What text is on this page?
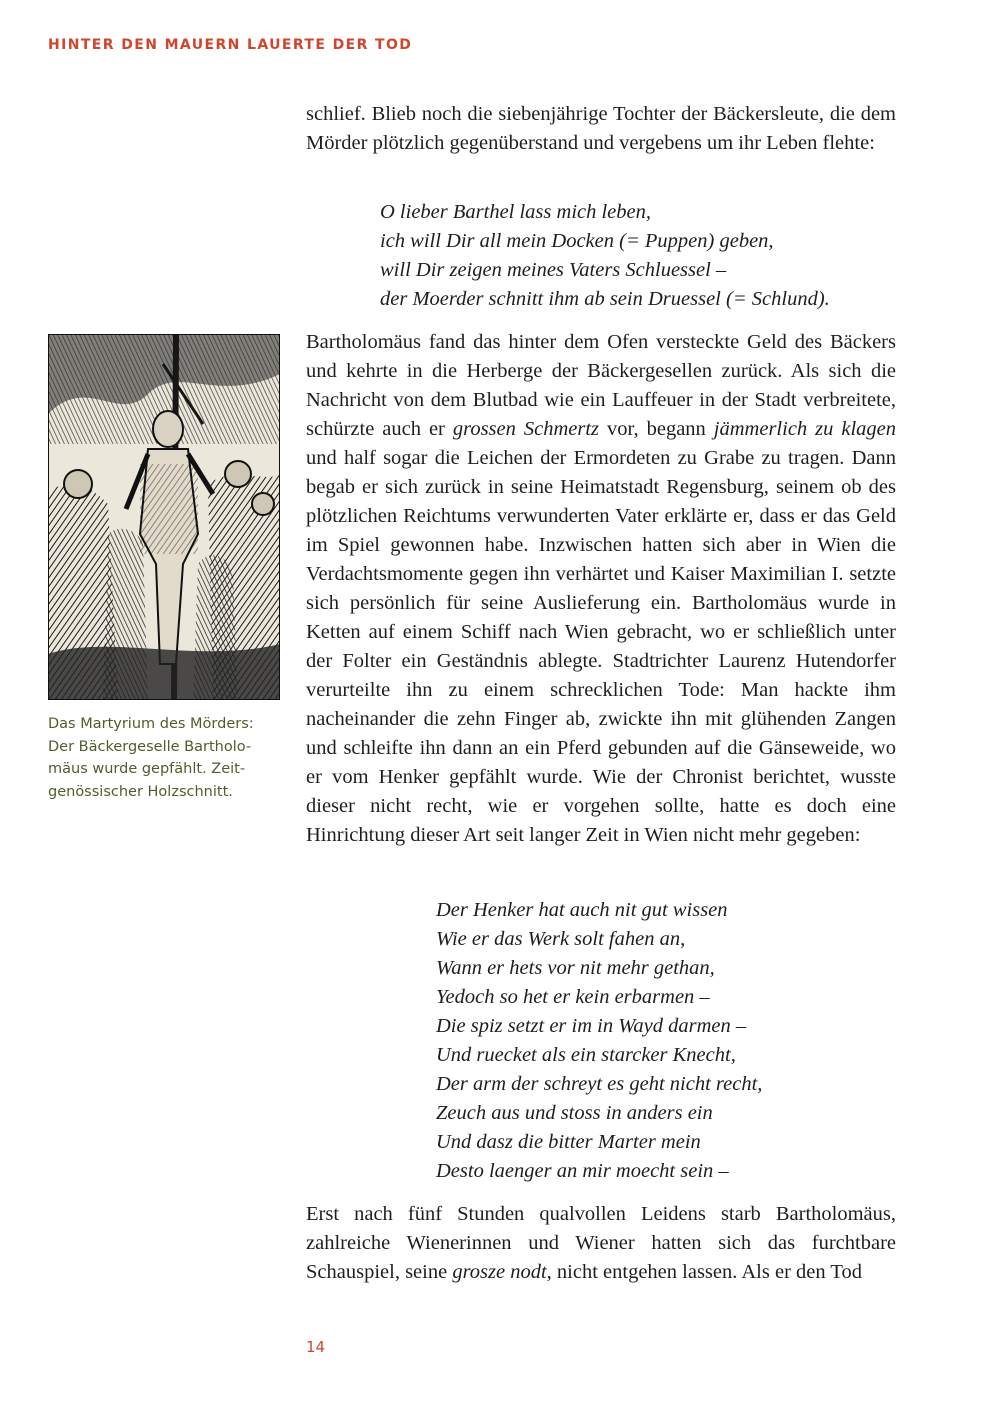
HINTER DEN MAUERN LAUERTE DER TOD

schlief. Blieb noch die siebenjährige Tochter der Bäckersleute, die dem Mörder plötzlich gegenüberstand und vergebens um ihr Leben flehte:

O lieber Barthel lass mich leben,
ich will Dir all mein Docken (= Puppen) geben,
will Dir zeigen meines Vaters Schluessel –
der Moerder schnitt ihm ab sein Druessel (= Schlund).
Das Martyrium des Mörders:
Der Bäckergeselle Bartholo-
mäus wurde gepfählt. Zeit-
genössischer Holzschnitt.

Bartholomäus fand das hinter dem Ofen versteckte Geld des Bäckers und kehrte in die Herberge der Bäckergesellen zurück. Als sich die Nachricht von dem Blutbad wie ein Lauffeuer in der Stadt verbreitete, schürzte auch er grossen Schmertz vor, begann jämmerlich zu klagen und half sogar die Leichen der Ermordeten zu Grabe zu tragen. Dann begab er sich zurück in seine Heimatstadt Regensburg, seinem ob des plötzlichen Reichtums verwunderten Vater erklärte er, dass er das Geld im Spiel gewonnen habe. Inzwischen hatten sich aber in Wien die Verdachtsmomente gegen ihn verhärtet und Kaiser Maximilian I. setzte sich persönlich für seine Auslieferung ein. Bartholomäus wurde in Ketten auf einem Schiff nach Wien gebracht, wo er schließlich unter der Folter ein Geständnis ablegte. Stadtrichter Laurenz Hutendorfer verurteilte ihn zu einem schrecklichen Tode: Man hackte ihm nacheinander die zehn Finger ab, zwickte ihn mit glühenden Zangen und schleifte ihn dann an ein Pferd gebunden auf die Gänseweide, wo er vom Henker gepfählt wurde. Wie der Chronist berichtet, wusste dieser nicht recht, wie er vorgehen sollte, hatte es doch eine Hinrichtung dieser Art seit langer Zeit in Wien nicht mehr gegeben:

Der Henker hat auch nit gut wissen
Wie er das Werk solt fahen an,
Wann er hets vor nit mehr gethan,
Yedoch so het er kein erbarmen –
Die spiz setzt er im in Wayd darmen –
Und ruecket als ein starcker Knecht,
Der arm der schreyt es geht nicht recht,
Zeuch aus und stoss in anders ein
Und dasz die bitter Marter mein
Desto laenger an mir moecht sein –

Erst nach fünf Stunden qualvollen Leidens starb Bartholomäus, zahlreiche Wienerinnen und Wiener hatten sich das furchtbare Schauspiel, seine grosze nodt, nicht entgehen lassen. Als er den Tod

14
